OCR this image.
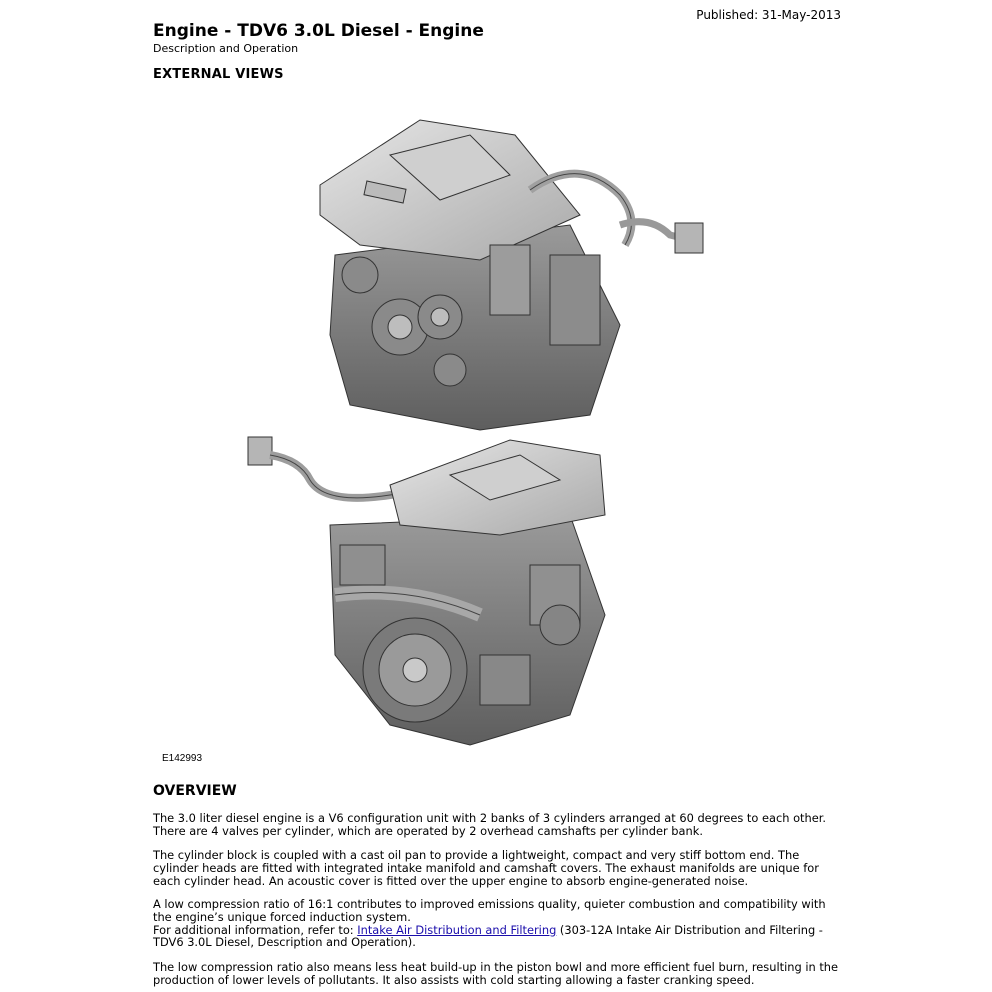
Published: 31-May-2013
Engine - TDV6 3.0L Diesel - Engine
Description and Operation
EXTERNAL VIEWS
E142993
OVERVIEW

The 3.0 liter diesel engine is a V6 configuration unit with 2 banks of 3 cylinders arranged at 60 degrees to each other. There are 4 valves per cylinder, which are operated by 2 overhead camshafts per cylinder bank.

The cylinder block is coupled with a cast oil pan to provide a lightweight, compact and very stiff bottom end. The cylinder heads are fitted with integrated intake manifold and camshaft covers. The exhaust manifolds are unique for each cylinder head. An acoustic cover is fitted over the upper engine to absorb engine-generated noise.

A low compression ratio of 16:1 contributes to improved emissions quality, quieter combustion and compatibility with the engine’s unique forced induction system.
For additional information, refer to: Intake Air Distribution and Filtering (303-12A Intake Air Distribution and Filtering - TDV6 3.0L Diesel, Description and Operation).

The low compression ratio also means less heat build-up in the piston bowl and more efficient fuel burn, resulting in the production of lower levels of pollutants. It also assists with cold starting allowing a faster cranking speed.
